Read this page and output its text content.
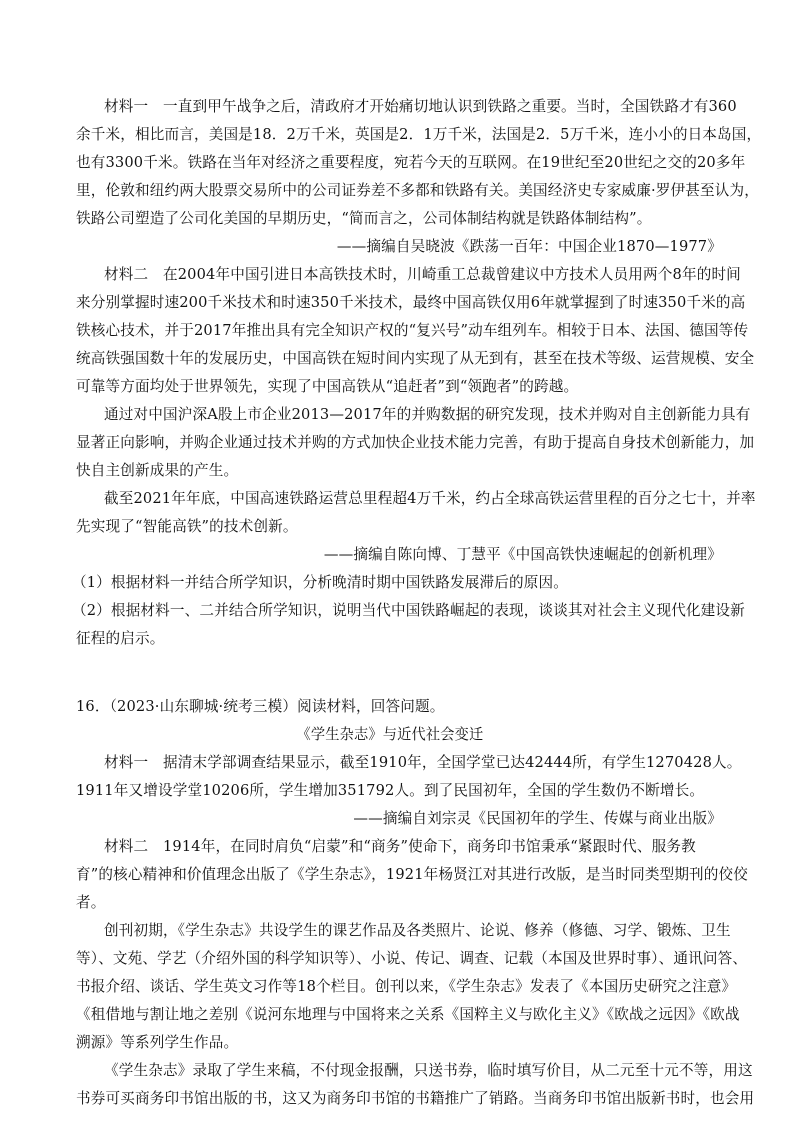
材料一　一直到甲午战争之后，清政府才开始痛切地认识到铁路之重要。当时，全国铁路才有360
余千米，相比而言，美国是18．2万千米，英国是2．1万千米，法国是2．5万千米，连小小的日本岛国，
也有3300千米。铁路在当年对经济之重要程度，宛若今天的互联网。在19世纪至20世纪之交的20多年
里，伦敦和纽约两大股票交易所中的公司证券差不多都和铁路有关。美国经济史专家威廉·罗伊甚至认为，
铁路公司塑造了公司化美国的早期历史，“简而言之，公司体制结构就是铁路体制结构”。
——摘编自吴晓波《跌荡一百年：中国企业1870—1977》
材料二　在2004年中国引进日本高铁技术时，川崎重工总裁曾建议中方技术人员用两个8年的时间
来分别掌握时速200千米技术和时速350千米技术，最终中国高铁仅用6年就掌握到了时速350千米的高
铁核心技术，并于2017年推出具有完全知识产权的“复兴号”动车组列车。相较于日本、法国、德国等传
统高铁强国数十年的发展历史，中国高铁在短时间内实现了从无到有，甚至在技术等级、运营规模、安全
可靠等方面均处于世界领先，实现了中国高铁从“追赶者”到“领跑者”的跨越。
通过对中国沪深A股上市企业2013—2017年的并购数据的研究发现，技术并购对自主创新能力具有
显著正向影响，并购企业通过技术并购的方式加快企业技术能力完善，有助于提高自身技术创新能力，加
快自主创新成果的产生。
截至2021年年底，中国高速铁路运营总里程超4万千米，约占全球高铁运营里程的百分之七十，并率
先实现了“智能高铁”的技术创新。
——摘编自陈向博、丁慧平《中国高铁快速崛起的创新机理》
（1）根据材料一并结合所学知识，分析晚清时期中国铁路发展滞后的原因。
（2）根据材料一、二并结合所学知识，说明当代中国铁路崛起的表现，谈谈其对社会主义现代化建设新
征程的启示。
16．（2023·山东聊城·统考三模）阅读材料，回答问题。
《学生杂志》与近代社会变迁
材料一　据清末学部调查结果显示，截至1910年，全国学堂已达42444所，有学生1270428人。
1911年又增设学堂10206所，学生增加351792人。到了民国初年，全国的学生数仍不断增长。
——摘编自刘宗灵《民国初年的学生、传媒与商业出版》
材料二　1914年，在同时肩负“启蒙”和“商务”使命下，商务印书馆秉承“紧跟时代、服务教
育”的核心精神和价值理念出版了《学生杂志》，1921年杨贤江对其进行改版，是当时同类型期刊的佼佼
者。
创刊初期，《学生杂志》共设学生的课艺作品及各类照片、论说、修养（修德、习学、锻炼、卫生
等）、文苑、学艺（介绍外国的科学知识等）、小说、传记、调查、记载（本国及世界时事）、通讯问答、
书报介绍、谈话、学生英文习作等18个栏目。创刊以来，《学生杂志》发表了《本国历史研究之注意》
《租借地与割让地之差别《说河东地理与中国将来之关系《国粹主义与欧化主义》《欧战之远因》《欧战
溯源》等系列学生作品。
《学生杂志》录取了学生来稿，不付现金报酬，只送书券，临时填写价目，从二元至十元不等，用这
书券可买商务印书馆出版的书，这又为商务印书馆的书籍推广了销路。当商务印书馆出版新书时，也会用
